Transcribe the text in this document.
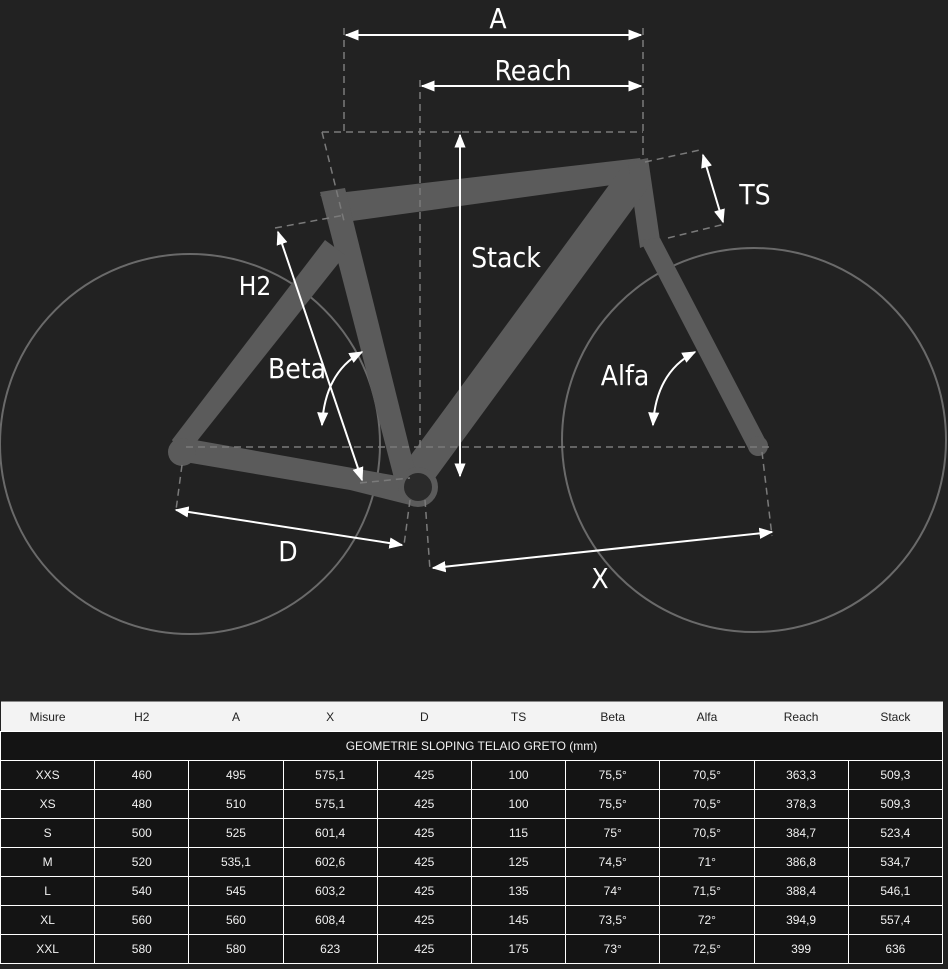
A
Reach
TS
Stack
H2
Beta	Alfa
D
X
Misure	H2	A	X	D	TS	Beta	Alfa	Reach	Stack
GEOMETRIE SLOPING TELAIO GRETO (mm)									
XXS	460	495	575,1	425	100	75,5°	70,5°	363,3	509,3
XS	480	510	575,1	425	100	75,5°	70,5°	378,3	509,3
S	500	525	601,4	425	115	75°	70,5°	384,7	523,4
M	520	535,1	602,6	425	125	74,5°	71°	386,8	534,7
L	540	545	603,2	425	135	74°	71,5°	388,4	546,1
XL	560	560	608,4	425	145	73,5°	72°	394,9	557,4
XXL	580	580	623	425	175	73°	72,5°	399	636
